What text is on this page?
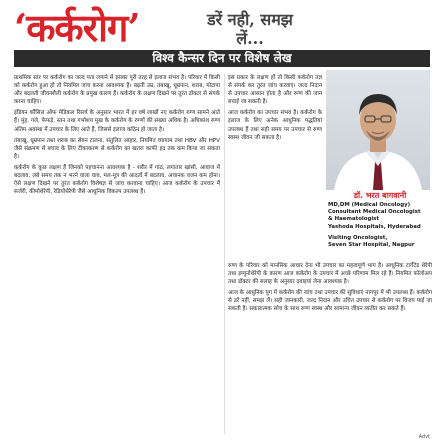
‘कर्करोग’	डरें नही, समझ लें...
विश्व कैन्सर दिन पर विशेष लेख

प्राथमिक स्तर पर कर्करोग का जल्द पता लगाने से इसका पूरी तरह से इलाज संभव है। परिवार में किसी को कर्करोग हुआ हो तो नियमित जांच करना आवश्यक है। बढ़ती उम्र, तंबाखू, धूम्रपान, शराब, मोटापा और बदलती जीवनशैली कर्करोग के प्रमुख कारण हैं। कर्करोग के लक्षण दिखने पर तुरंत डॉक्टर से संपर्क करना चाहिए।

इंडियन कौंसिल ऑफ मेडिकल रिसर्च के अनुसार भारत में हर वर्ष लाखों नए कर्करोग रुग्ण सामने आते हैं। मुंह, गले, फेफड़े, स्तन तथा गर्भाशय मुख के कर्करोग के रुग्णों की संख्या अधिक है। अधिकांश रुग्ण अंतिम अवस्था में उपचार के लिए आते हैं, जिससे इलाज कठिन हो जाता है।

तंबाखू, धूम्रपान तथा शराब का सेवन टालना, संतुलित आहार, नियमित व्यायाम तथा HBV और HPV जैसे संक्रमण से बचाव के लिए टीकाकरण से कर्करोग का खतरा काफी हद तक कम किया जा सकता है।

कर्करोग के कुछ लक्षण हैं जिनको पहचानना आवश्यक है - शरीर में गांठ, लगातार खांसी, आवाज में बदलाव, लंबे समय तक न भरने वाला घाव, मल-मूत्र की आदतों में बदलाव, अचानक वजन कम होना। ऐसे लक्षण दिखने पर तुरंत कर्करोग विशेषज्ञ से जांच करवाना चाहिए। आज कर्करोग के उपचार में सर्जरी, कीमोथेरेपी, रेडियोथेरेपी जैसे आधुनिक विकल्प उपलब्ध हैं।

इस प्रकार के लक्षण हों तो किसी कर्करोग तज्ञ से संपर्क कर तुरंत जांच करवाएं। जल्द निदान से उपचार आसान होता है और रुग्ण की जान बचाई जा सकती है।

आज कर्करोग का उपचार संभव है। कर्करोग के इलाज के लिए अनेक आधुनिक पद्धतियां उपलब्ध हैं तथा सही समय पर उपचार से रुग्ण स्वस्थ जीवन जी सकता है।

डॉ. भरत बागवानी
MD,DM (Medical Oncology)
Consultant Medical Oncologist
& Haematologist
Yashoda Hospitals, Hyderabad
Visiting Oncologist,
Seven Star Hospital, Nagpur

रुग्ण के परिवार को मानसिक आधार देना भी उपचार का महत्वपूर्ण भाग है। आधुनिक टार्गेटेड थेरेपी तथा इम्युनोथेरेपी के कारण आज कर्करोग के उपचार में अच्छे परिणाम मिल रहे हैं। नियमित फॉलोअप तथा डॉक्टर की सलाह के अनुसार दवाइयां लेना आवश्यक है।

आज के आधुनिक युग में कर्करोग की जांच तथा उपचार की सुविधाएं नागपुर में भी उपलब्ध हैं। कर्करोग से डरें नहीं, समझ लें। सही जानकारी, जल्द निदान और उचित उपचार से कर्करोग पर विजय पाई जा सकती है। सकारात्मक सोच के साथ रुग्ण स्वस्थ और सामान्य जीवन व्यतीत कर सकते हैं।

Advt
